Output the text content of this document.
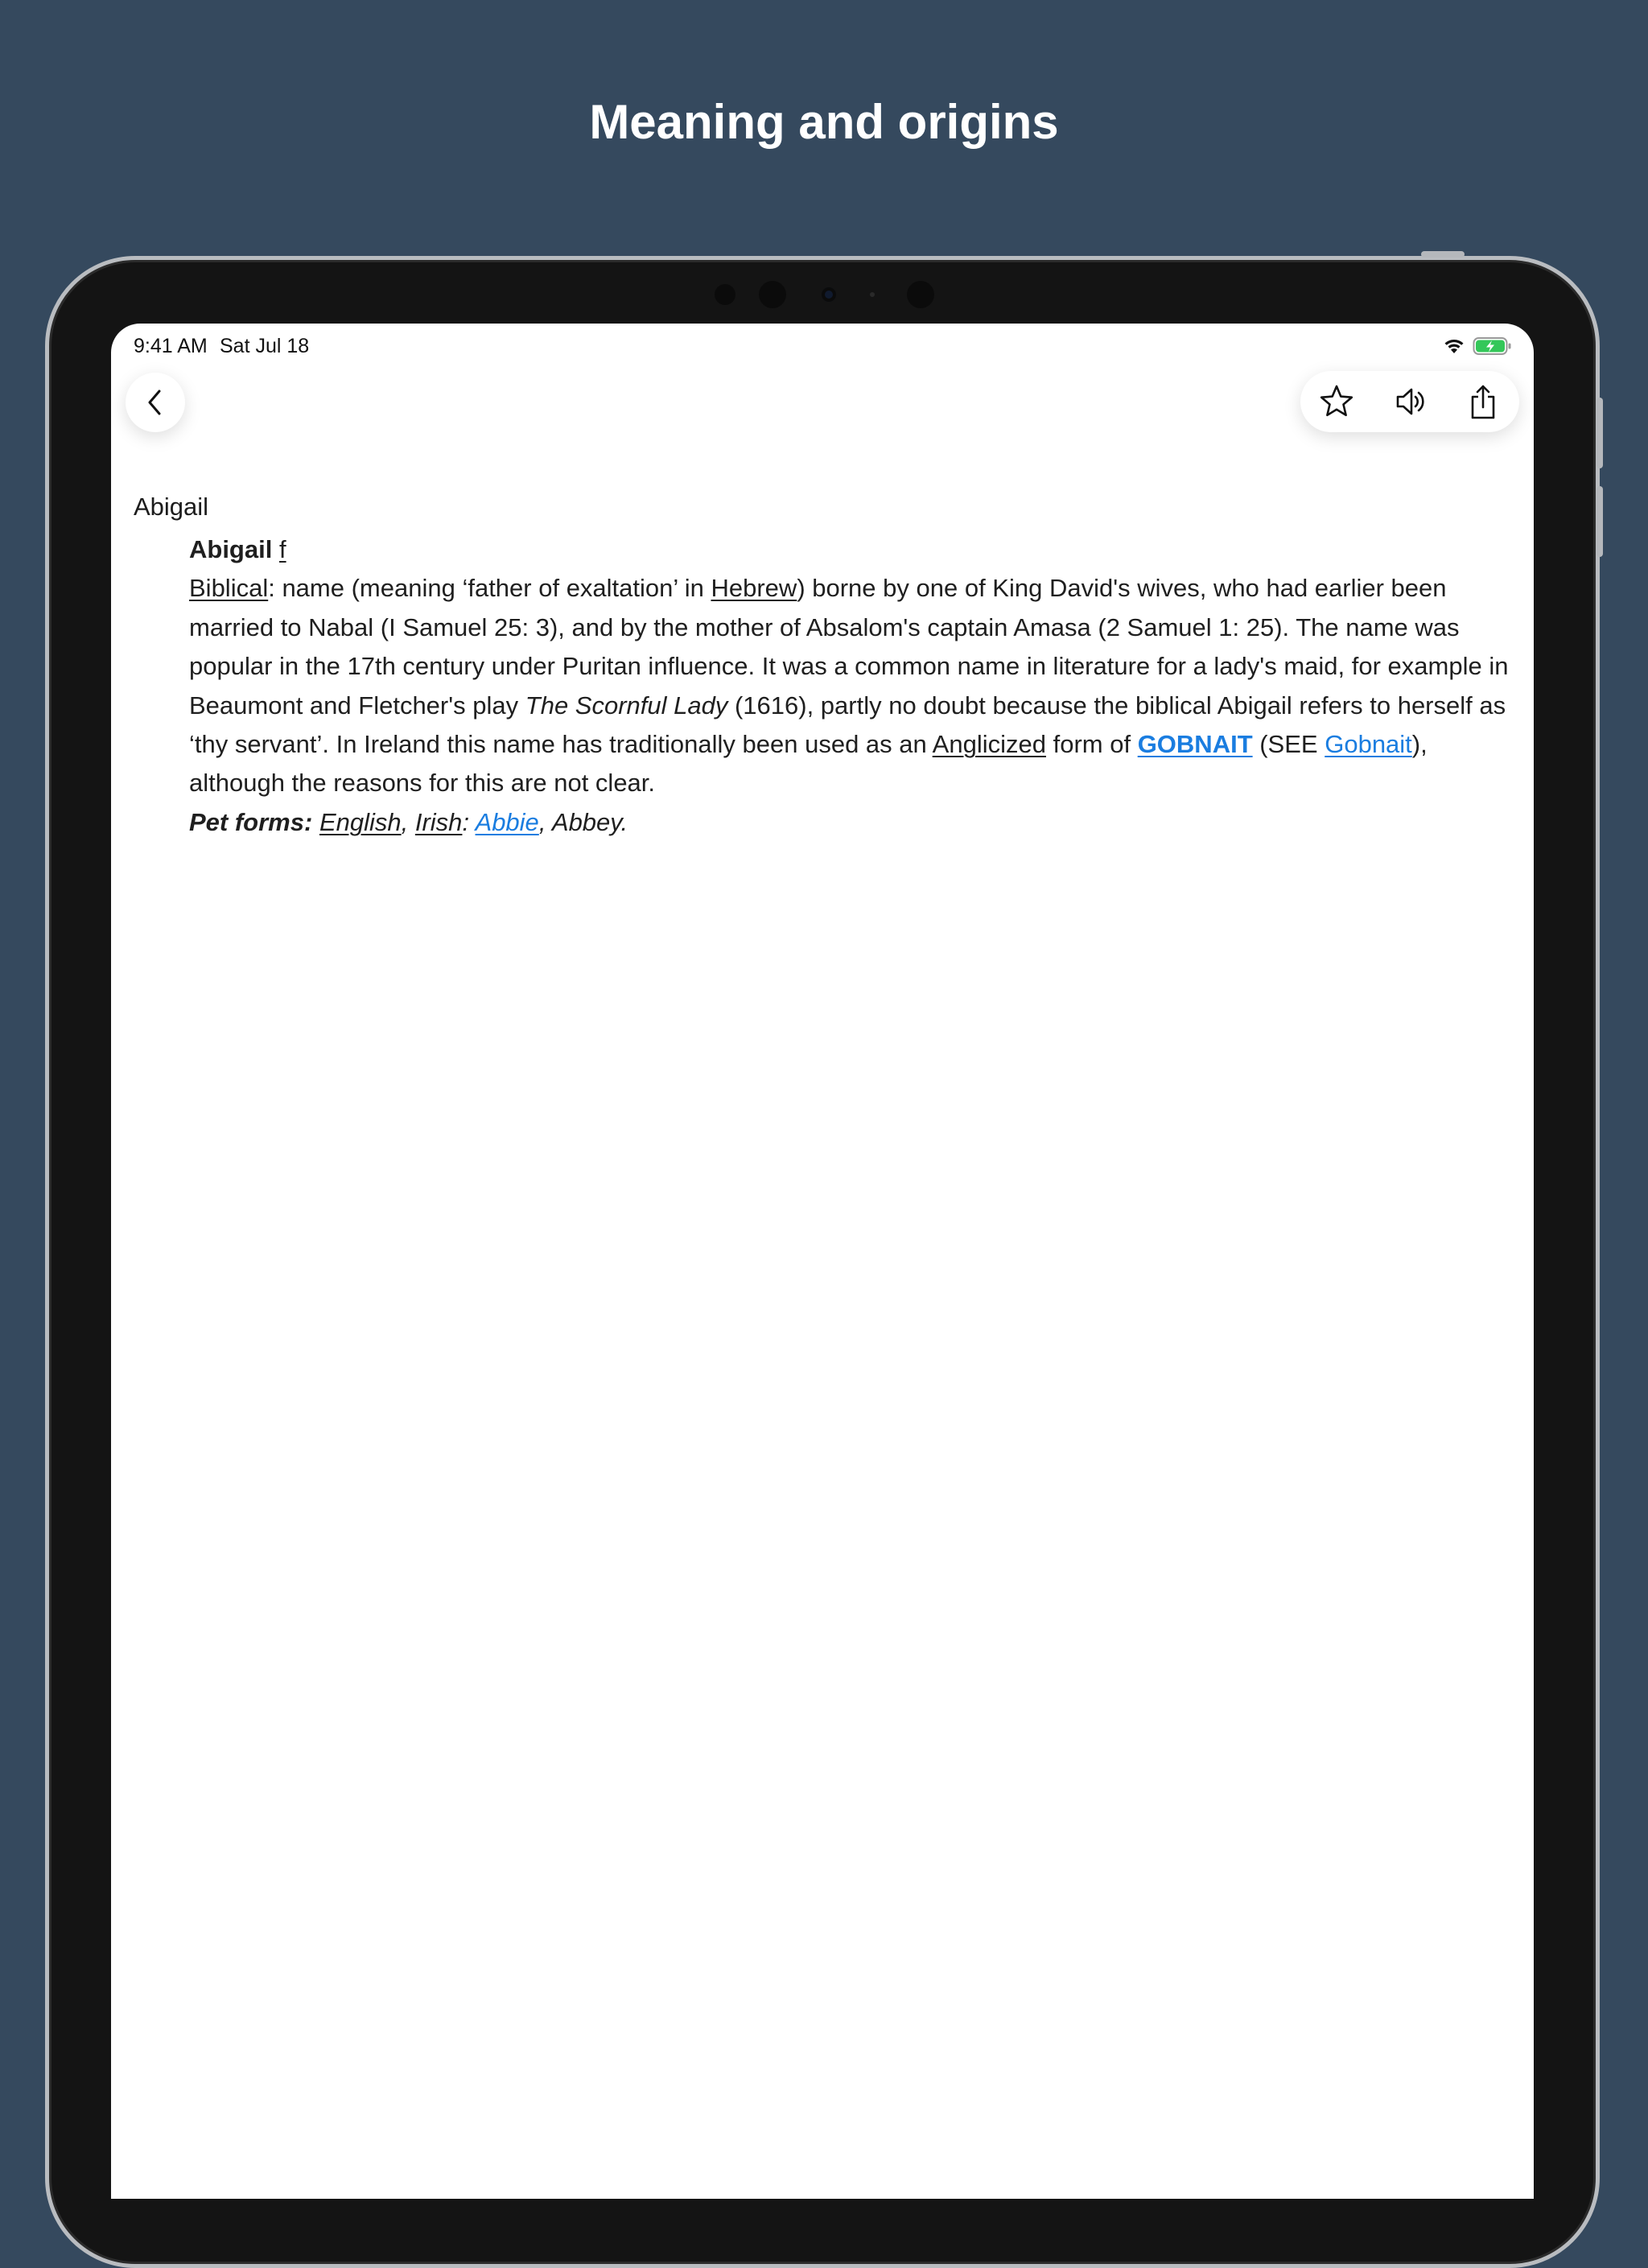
Meaning and origins
9:41 AM Sat Jul 18
Abigail

Abigail f

Biblical: name (meaning ‘father of exaltation’ in Hebrew) borne by one of King David's wives, who had earlier been married to Nabal (I Samuel 25: 3), and by the mother of Absalom's captain Amasa (2 Samuel 1: 25). The name was popular in the 17th century under Puritan influence. It was a common name in literature for a lady's maid, for example in Beaumont and Fletcher's play The Scornful Lady (1616), partly no doubt because the biblical Abigail refers to herself as ‘thy servant’. In Ireland this name has traditionally been used as an Anglicized form of GOBNAIT (SEE Gobnait), although the reasons for this are not clear.

Pet forms: English, Irish: Abbie, Abbey.
